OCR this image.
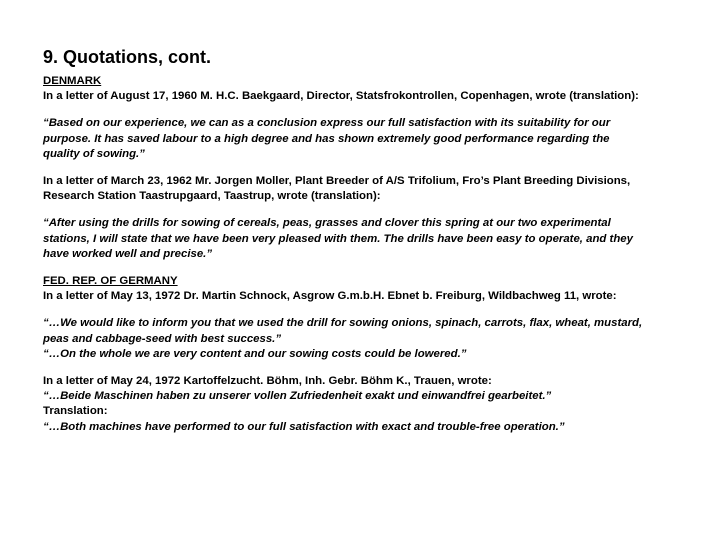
9. Quotations, cont.
DENMARK
In a letter of August 17, 1960 M. H.C. Baekgaard, Director, Statsfrokontrollen, Copenhagen, wrote (translation):
“Based on our experience, we can as a conclusion express our full satisfaction with its suitability for our
purpose. It has saved labour to a high degree and has shown extremely good performance regarding the
quality of sowing.”
In a letter of March 23, 1962 Mr. Jorgen Moller, Plant Breeder of A/S Trifolium, Fro’s Plant Breeding Divisions,
Research Station Taastrupgaard, Taastrup, wrote (translation):
“After using the drills for sowing of cereals, peas, grasses and clover this spring at our two experimental
stations, I will state that we have been very pleased with them. The drills have been easy to operate, and they
have worked well and precise.”
FED. REP. OF GERMANY
In a letter of May 13, 1972 Dr. Martin Schnock, Asgrow G.m.b.H. Ebnet b. Freiburg, Wildbachweg 11, wrote:
“…We would like to inform you that we used the drill for sowing onions, spinach, carrots, flax, wheat, mustard,
peas and cabbage-seed with best success.”
“…On the whole we are very content and our sowing costs could be lowered.”
In a letter of May 24, 1972 Kartoffelzucht. Böhm, Inh. Gebr. Böhm K., Trauen, wrote:
“…Beide Maschinen haben zu unserer vollen Zufriedenheit exakt und einwandfrei gearbeitet.”
Translation:
“…Both machines have performed to our full satisfaction with exact and trouble-free operation.”
